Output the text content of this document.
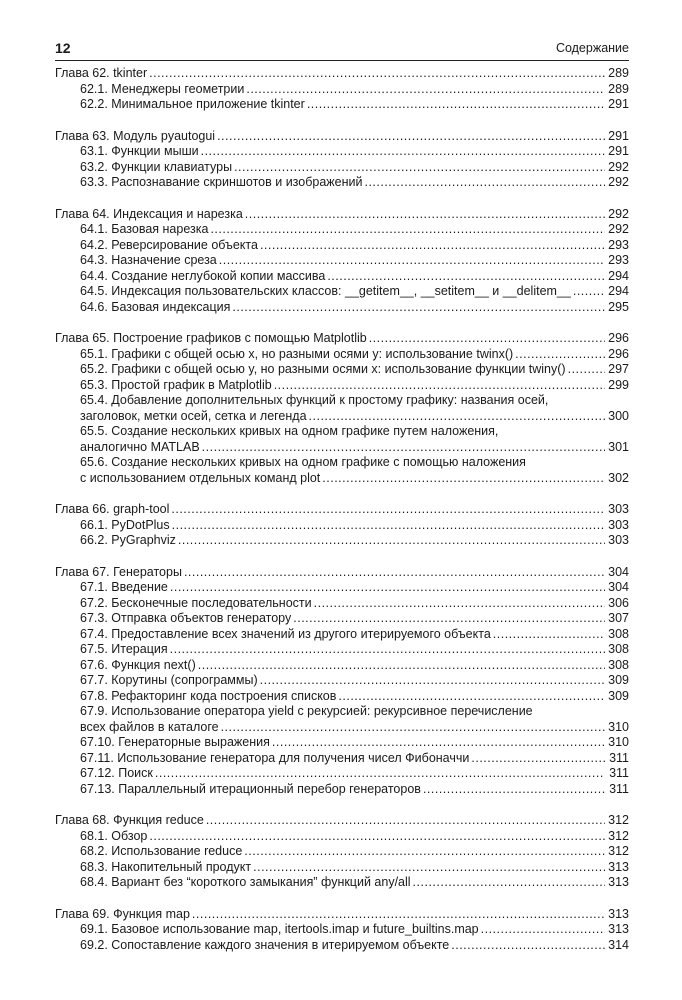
12	Содержание
Глава 62. tkinter .....	289
62.1. Менеджеры геометрии .....	289
62.2. Минимальное приложение tkinter .....	291
Глава 63. Модуль pyautogui .....	291
63.1. Функции мыши .....	291
63.2. Функции клавиатуры .....	292
63.3. Распознавание скриншотов и изображений .....	292
Глава 64. Индексация и нарезка .....	292
64.1. Базовая нарезка .....	292
64.2. Реверсирование объекта .....	293
64.3. Назначение среза .....	293
64.4. Создание неглубокой копии массива .....	294
64.5. Индексация пользовательских классов: __getitem__, __setitem__ и __delitem__ .....	294
64.6. Базовая индексация .....	295
Глава 65. Построение графиков с помощью Matplotlib .....	296
65.1. Графики с общей осью x, но разными осями y: использование twinx() .....	296
65.2. Графики с общей осью y, но разными осями x: использование функции twiny() .....	297
65.3. Простой график в Matplotlib .....	299
65.4. Добавление дополнительных функций к простому графику: названия осей,
заголовок, метки осей, сетка и легенда .....	300
65.5. Создание нескольких кривых на одном графике путем наложения,
аналогично MATLAB .....	301
65.6. Создание нескольких кривых на одном графике с помощью наложения
с использованием отдельных команд plot .....	302
Глава 66. graph-tool .....	303
66.1. PyDotPlus .....	303
66.2. PyGraphviz .....	303
Глава 67. Генераторы .....	304
67.1. Введение .....	304
67.2. Бесконечные последовательности .....	306
67.3. Отправка объектов генератору .....	307
67.4. Предоставление всех значений из другого итерируемого объекта .....	308
67.5. Итерация .....	308
67.6. Функция next() .....	308
67.7. Корутины (сопрограммы) .....	309
67.8. Рефакторинг кода построения списков .....	309
67.9. Использование оператора yield с рекурсией: рекурсивное перечисление
всех файлов в каталоге .....	310
67.10. Генераторные выражения .....	310
67.11. Использование генератора для получения чисел Фибоначчи .....	311
67.12. Поиск .....	311
67.13. Параллельный итерационный перебор генераторов .....	311
Глава 68. Функция reduce .....	312
68.1. Обзор .....	312
68.2. Использование reduce .....	312
68.3. Накопительный продукт .....	313
68.4. Вариант без “короткого замыкания” функций any/all .....	313
Глава 69. Функция map .....	313
69.1. Базовое использование map, itertools.imap и future_builtins.map .....	313
69.2. Сопоставление каждого значения в итерируемом объекте .....	314
